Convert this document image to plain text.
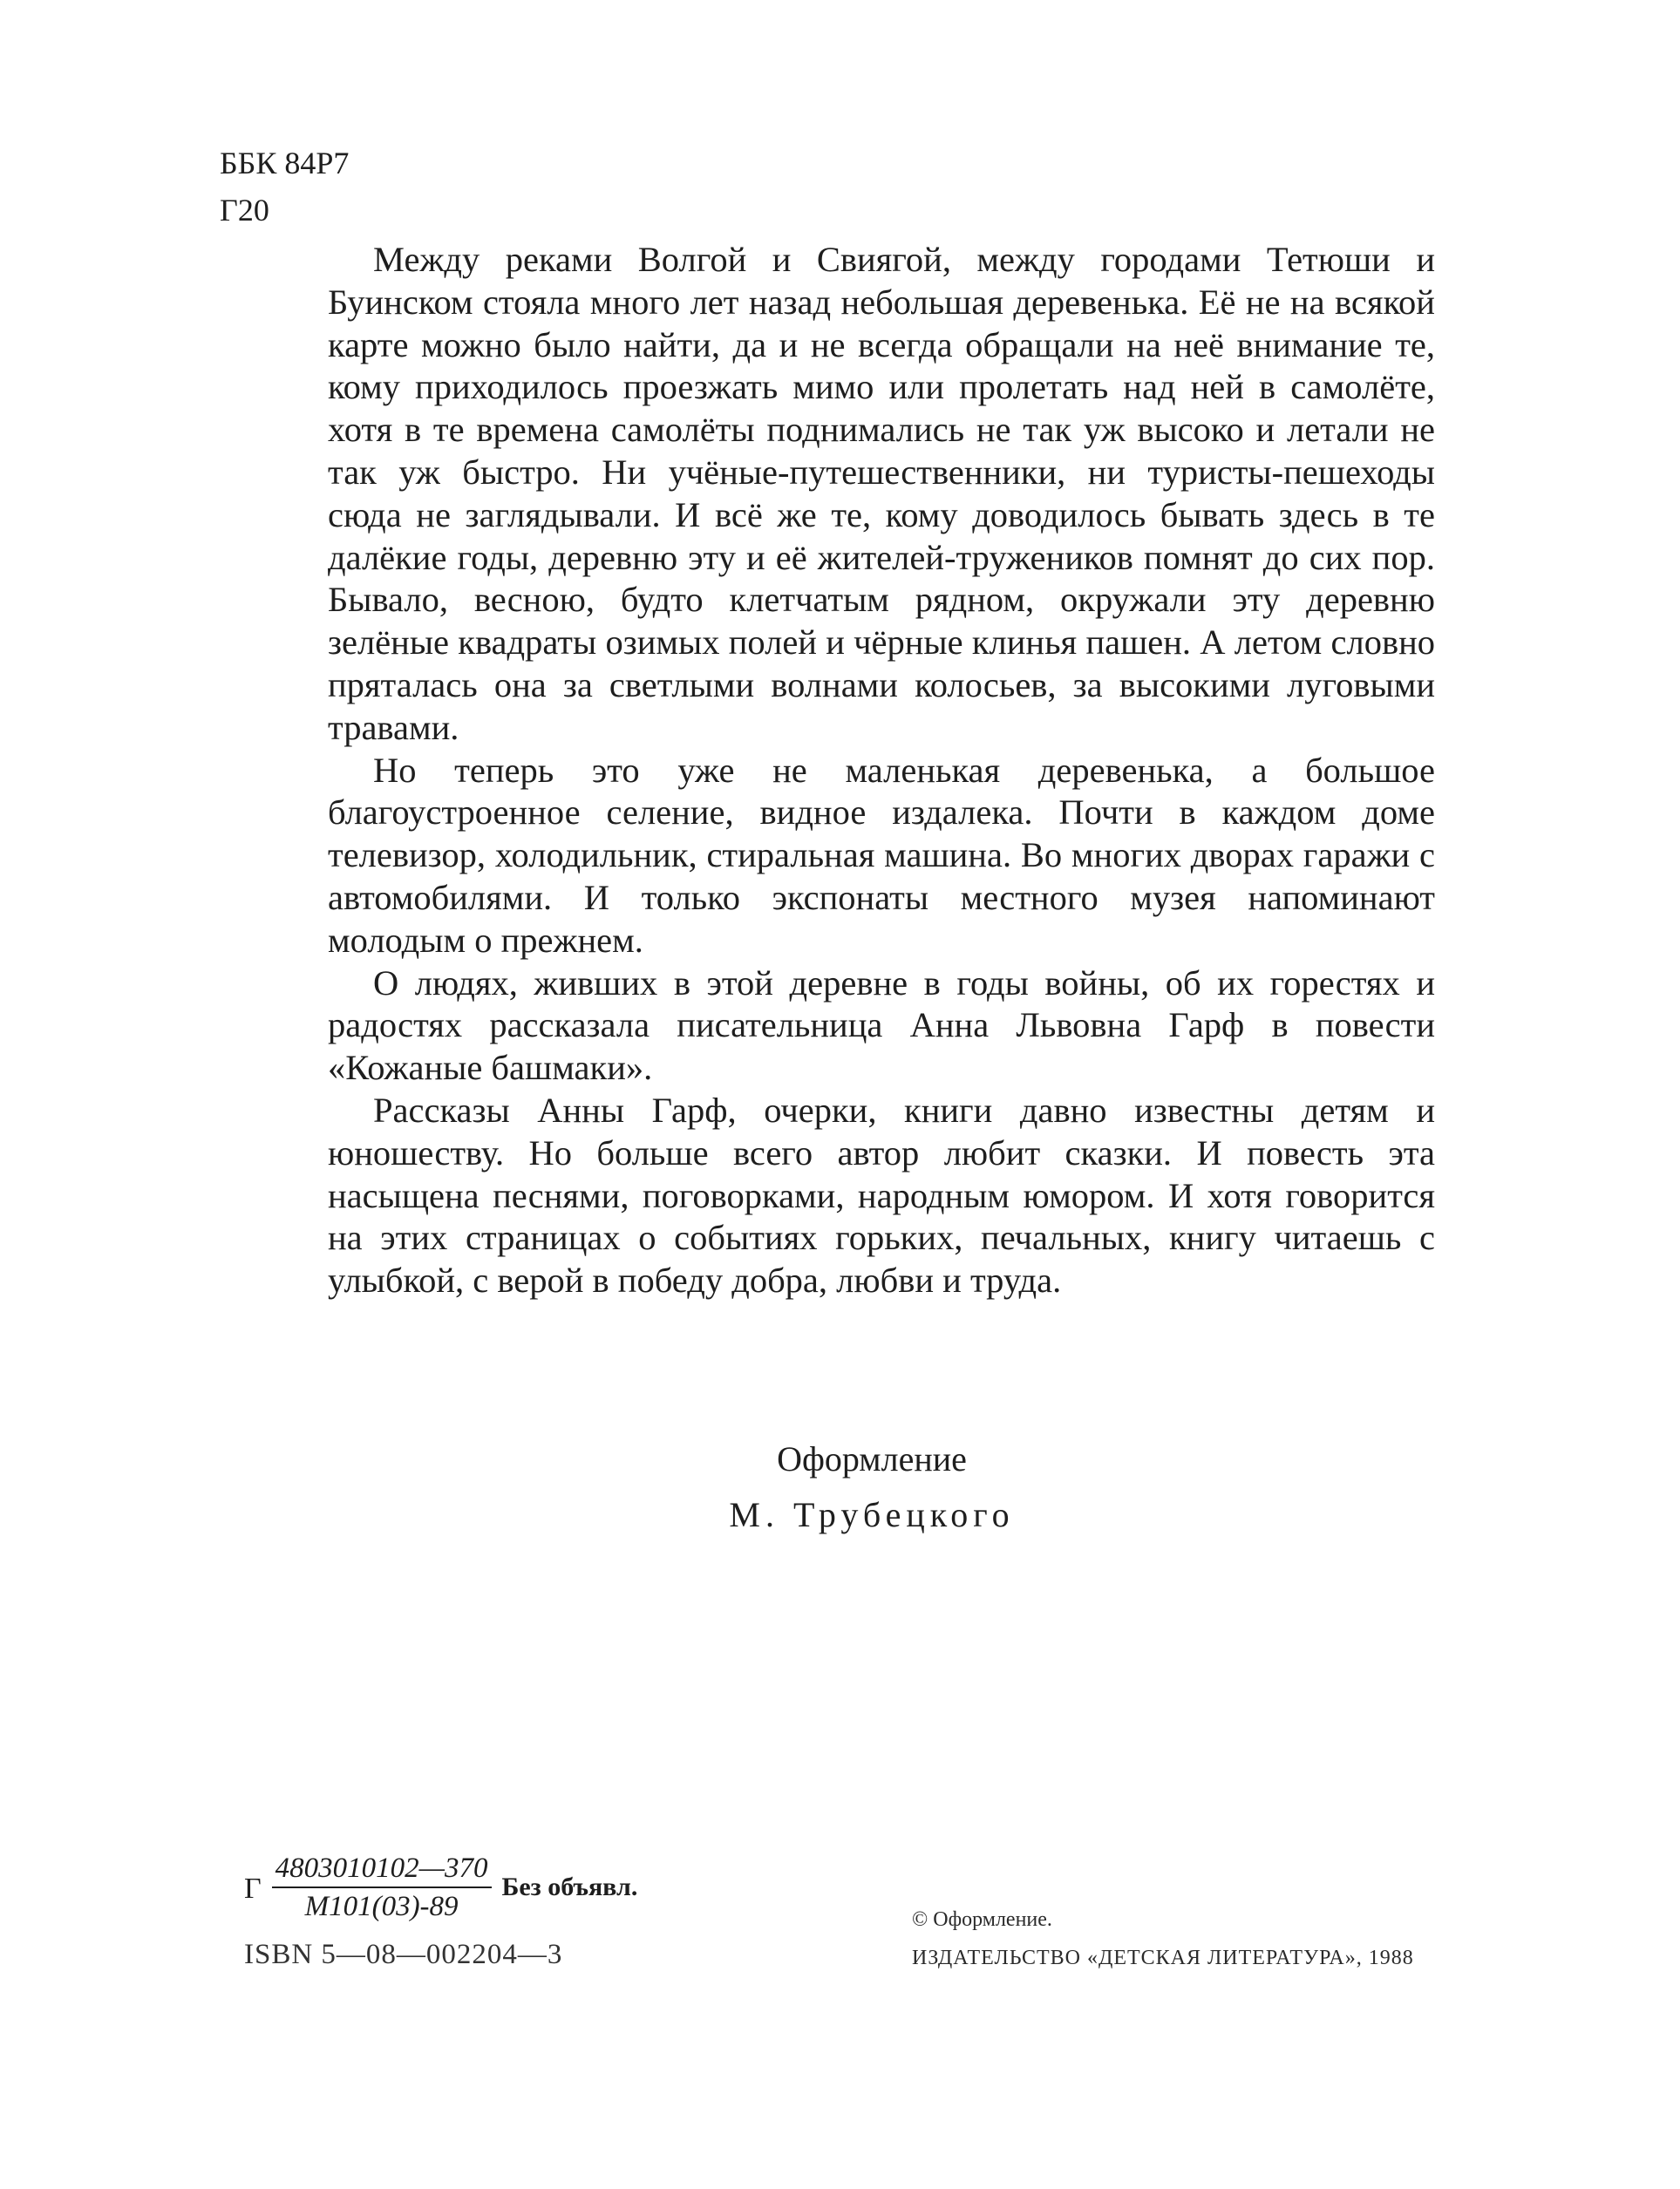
ББК 84Р7
Г20

Между реками Волгой и Свиягой, между городами Тетюши и Буинском стояла много лет назад небольшая деревенька. Её не на всякой карте можно было найти, да и не всегда обращали на неё внимание те, кому приходилось проезжать мимо или пролетать над ней в самолёте, хотя в те времена самолёты поднимались не так уж высоко и летали не так уж быстро. Ни учёные-путешественники, ни туристы-пешеходы сюда не заглядывали. И всё же те, кому доводилось бывать здесь в те далёкие годы, деревню эту и её жителей-тружеников помнят до сих пор. Бывало, весною, будто клетчатым рядном, окружали эту деревню зелёные квадраты озимых полей и чёрные клинья пашен. А летом словно пряталась она за светлыми волнами колосьев, за высокими луговыми травами.

Но теперь это уже не маленькая деревенька, а большое благоустроенное селение, видное издалека. Почти в каждом доме телевизор, холодильник, стиральная машина. Во многих дворах гаражи с автомобилями. И только экспонаты местного музея напоминают молодым о прежнем.

О людях, живших в этой деревне в годы войны, об их горестях и радостях рассказала писательница Анна Львовна Гарф в повести «Кожаные башмаки».

Рассказы Анны Гарф, очерки, книги давно известны детям и юношеству. Но больше всего автор любит сказки. И повесть эта насыщена песнями, поговорками, народным юмором. И хотя говорится на этих страницах о событиях горьких, печальных, книгу читаешь с улыбкой, с верой в победу добра, любви и труда.

Оформление
М. Трубецкого
Г $\frac{4803010102—370}{М101(03)-89}$ Без объявл.
ISBN 5—08—002204—3
© Оформление.
ИЗДАТЕЛЬСТВО «ДЕТСКАЯ ЛИТЕРАТУРА», 1988
